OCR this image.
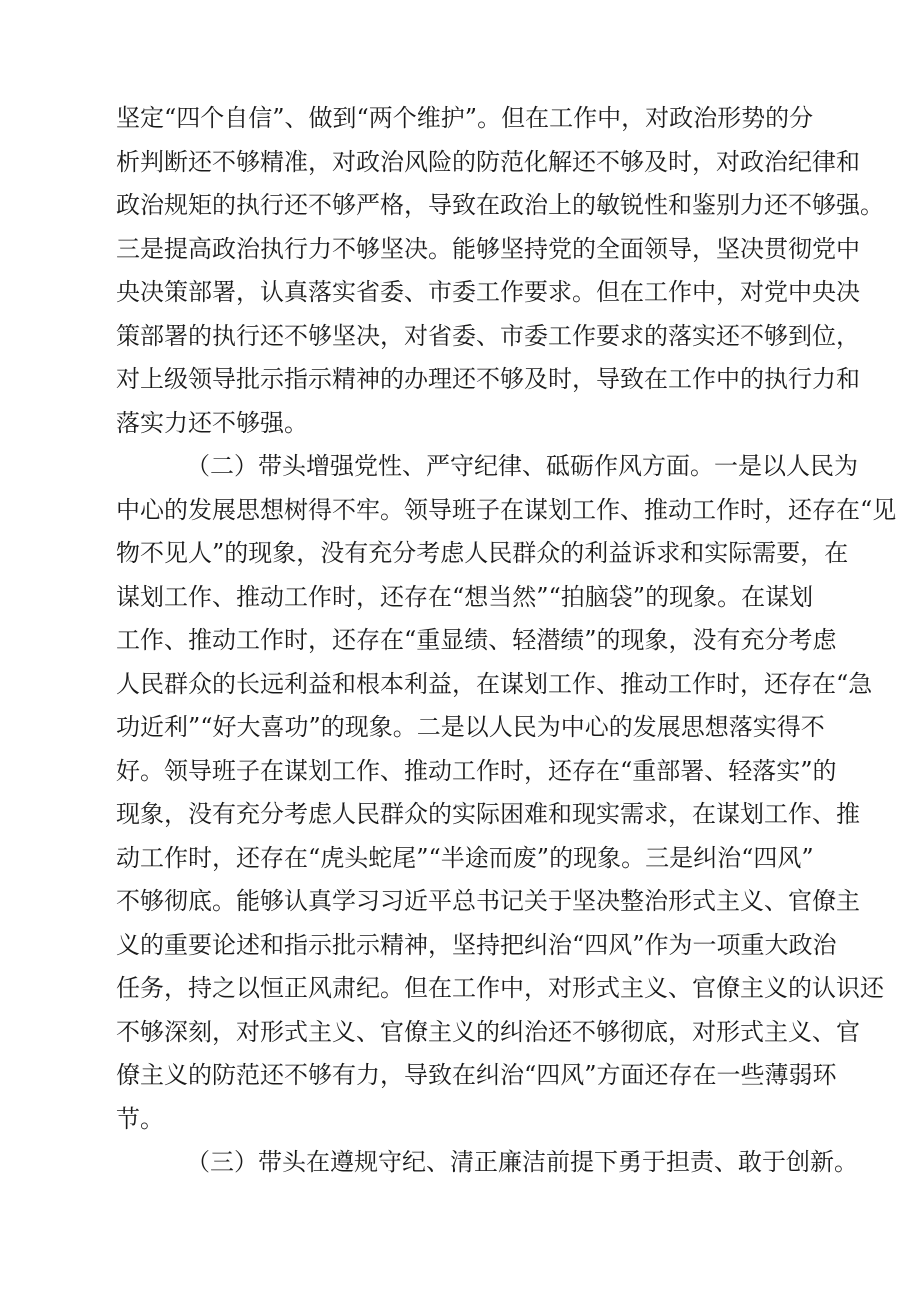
坚定“四个自信”、做到“两个维护”。但在工作中，对政治形势的分
析判断还不够精准，对政治风险的防范化解还不够及时，对政治纪律和
政治规矩的执行还不够严格，导致在政治上的敏锐性和鉴别力还不够强。
三是提高政治执行力不够坚决。能够坚持党的全面领导，坚决贯彻党中
央决策部署，认真落实省委、市委工作要求。但在工作中，对党中央决
策部署的执行还不够坚决，对省委、市委工作要求的落实还不够到位，
对上级领导批示指示精神的办理还不够及时，导致在工作中的执行力和
落实力还不够强。
（二）带头增强党性、严守纪律、砥砺作风方面。一是以人民为
中心的发展思想树得不牢。领导班子在谋划工作、推动工作时，还存在“见
物不见人”的现象，没有充分考虑人民群众的利益诉求和实际需要，在
谋划工作、推动工作时，还存在“想当然”“拍脑袋”的现象。在谋划
工作、推动工作时，还存在“重显绩、轻潜绩”的现象，没有充分考虑
人民群众的长远利益和根本利益，在谋划工作、推动工作时，还存在“急
功近利”“好大喜功”的现象。二是以人民为中心的发展思想落实得不
好。领导班子在谋划工作、推动工作时，还存在“重部署、轻落实”的
现象，没有充分考虑人民群众的实际困难和现实需求，在谋划工作、推
动工作时，还存在“虎头蛇尾”“半途而废”的现象。三是纠治“四风”
不够彻底。能够认真学习习近平总书记关于坚决整治形式主义、官僚主
义的重要论述和指示批示精神，坚持把纠治“四风”作为一项重大政治
任务，持之以恒正风肃纪。但在工作中，对形式主义、官僚主义的认识还
不够深刻，对形式主义、官僚主义的纠治还不够彻底，对形式主义、官
僚主义的防范还不够有力，导致在纠治“四风”方面还存在一些薄弱环
节。
（三）带头在遵规守纪、清正廉洁前提下勇于担责、敢于创新。
